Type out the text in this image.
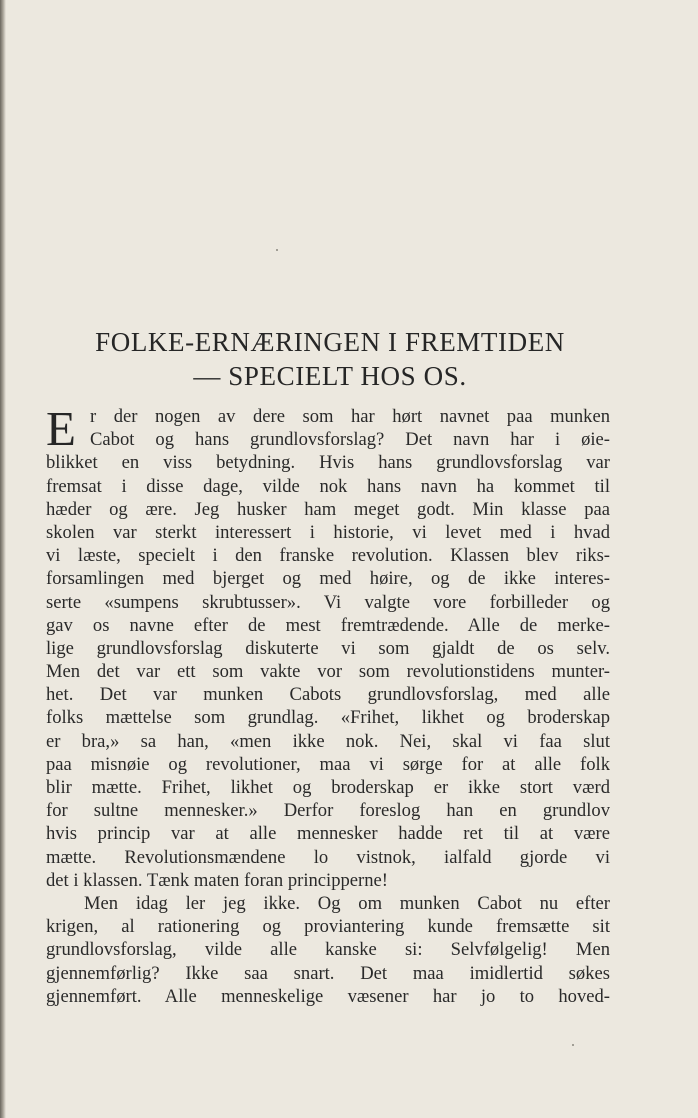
FOLKE-ERNÆRINGEN I FREMTIDEN
— SPECIELT HOS OS.
E r der nogen av dere som har hørt navnet paa munken
Cabot og hans grundlovsforslag? Det navn har i øie-
blikket en viss betydning. Hvis hans grundlovsforslag var
fremsat i disse dage, vilde nok hans navn ha kommet til
hæder og ære. Jeg husker ham meget godt. Min klasse paa
skolen var sterkt interessert i historie, vi levet med i hvad
vi læste, specielt i den franske revolution. Klassen blev riks-
forsamlingen med bjerget og med høire, og de ikke interes-
serte «sumpens skrubtusser». Vi valgte vore forbilleder og
gav os navne efter de mest fremtrædende. Alle de merke-
lige grundlovsforslag diskuterte vi som gjaldt de os selv.
Men det var ett som vakte vor som revolutionstidens munter-
het. Det var munken Cabots grundlovsforslag, med alle
folks mættelse som grundlag. «Frihet, likhet og broderskap
er bra,» sa han, «men ikke nok. Nei, skal vi faa slut
paa misnøie og revolutioner, maa vi sørge for at alle folk
blir mætte. Frihet, likhet og broderskap er ikke stort værd
for sultne mennesker.» Derfor foreslog han en grundlov
hvis princip var at alle mennesker hadde ret til at være
mætte. Revolutionsmændene lo vistnok, ialfald gjorde vi
det i klassen. Tænk maten foran principperne!
Men idag ler jeg ikke. Og om munken Cabot nu efter
krigen, al rationering og proviantering kunde fremsætte sit
grundlovsforslag, vilde alle kanske si: Selvfølgelig! Men
gjennemførlig? Ikke saa snart. Det maa imidlertid søkes
gjennemført. Alle menneskelige væsener har jo to hoved-
